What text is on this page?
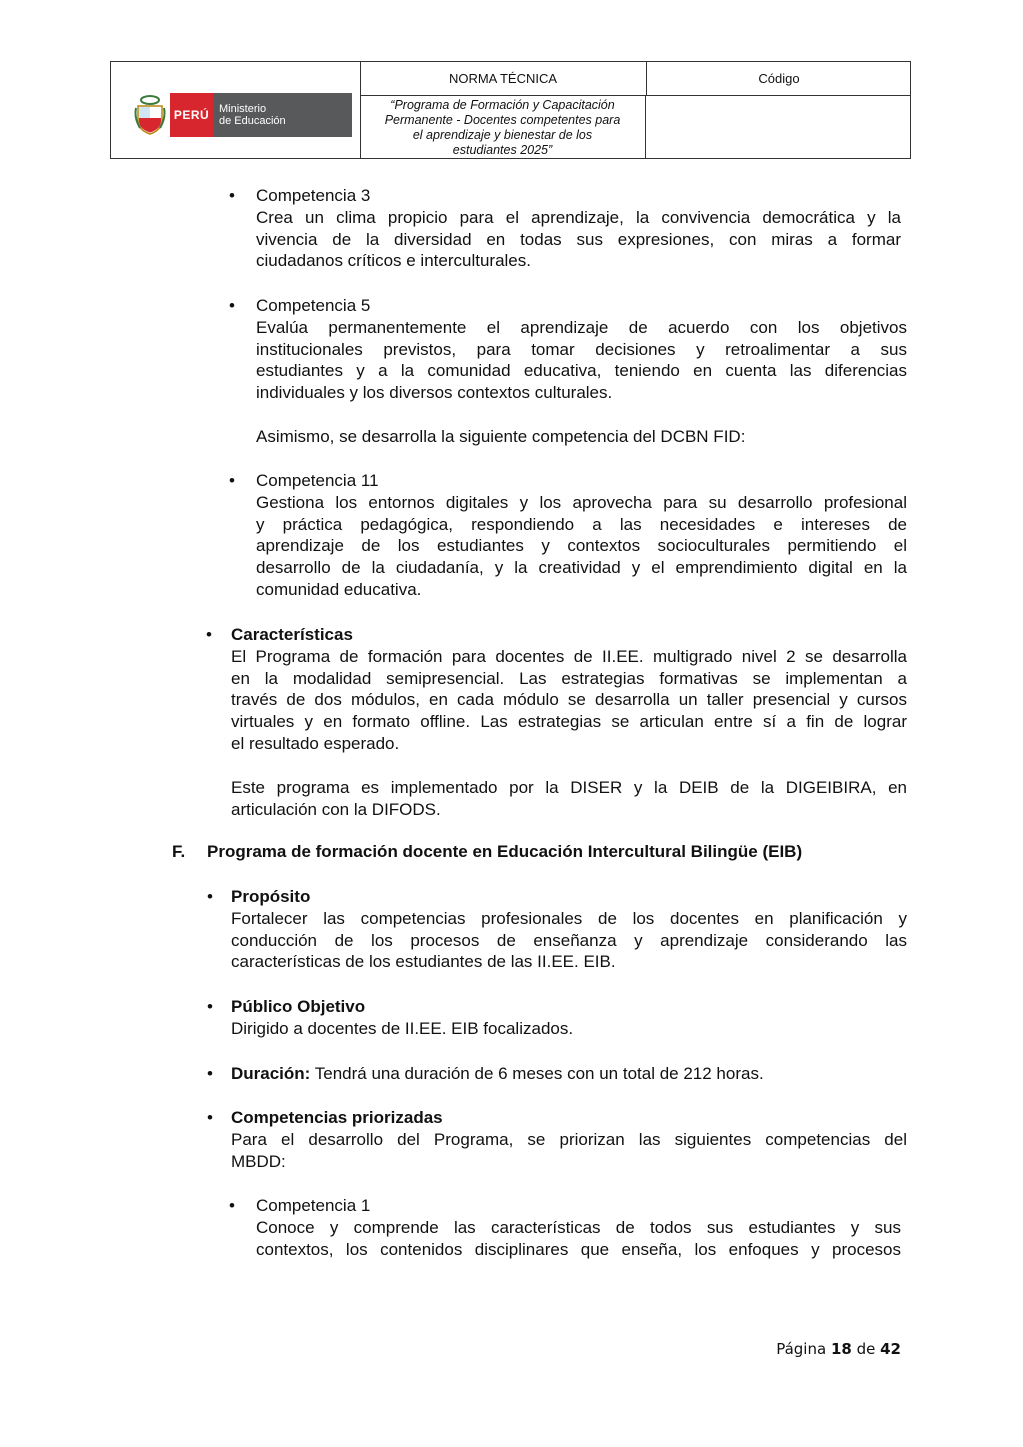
PERÚ Ministerio
de Educación
NORMA TÉCNICA
“Programa de Formación y Capacitación
Permanente - Docentes competentes para
el aprendizaje y bienestar de los
estudiantes 2025”
Código
• Competencia 3
Crea un clima propicio para el aprendizaje, la convivencia democrática y la
vivencia de la diversidad en todas sus expresiones, con miras a formar
ciudadanos críticos e interculturales.
• Competencia 5
Evalúa permanentemente el aprendizaje de acuerdo con los objetivos
institucionales previstos, para tomar decisiones y retroalimentar a sus
estudiantes y a la comunidad educativa, teniendo en cuenta las diferencias
individuales y los diversos contextos culturales.
Asimismo, se desarrolla la siguiente competencia del DCBN FID:
• Competencia 11
Gestiona los entornos digitales y los aprovecha para su desarrollo profesional
y práctica pedagógica, respondiendo a las necesidades e intereses de
aprendizaje de los estudiantes y contextos socioculturales permitiendo el
desarrollo de la ciudadanía, y la creatividad y el emprendimiento digital en la
comunidad educativa.
• Características
El Programa de formación para docentes de II.EE. multigrado nivel 2 se desarrolla
en la modalidad semipresencial. Las estrategias formativas se implementan a
través de dos módulos, en cada módulo se desarrolla un taller presencial y cursos
virtuales y en formato offline. Las estrategias se articulan entre sí a fin de lograr
el resultado esperado.
Este programa es implementado por la DISER y la DEIB de la DIGEIBIRA, en
articulación con la DIFODS.
F. Programa de formación docente en Educación Intercultural Bilingüe (EIB)
• Propósito
Fortalecer las competencias profesionales de los docentes en planificación y
conducción de los procesos de enseñanza y aprendizaje considerando las
características de los estudiantes de las II.EE. EIB.
• Público Objetivo
Dirigido a docentes de II.EE. EIB focalizados.
• Duración: Tendrá una duración de 6 meses con un total de 212 horas.
• Competencias priorizadas
Para el desarrollo del Programa, se priorizan las siguientes competencias del
MBDD:
• Competencia 1
Conoce y comprende las características de todos sus estudiantes y sus
contextos, los contenidos disciplinares que enseña, los enfoques y procesos
Página 18 de 42
